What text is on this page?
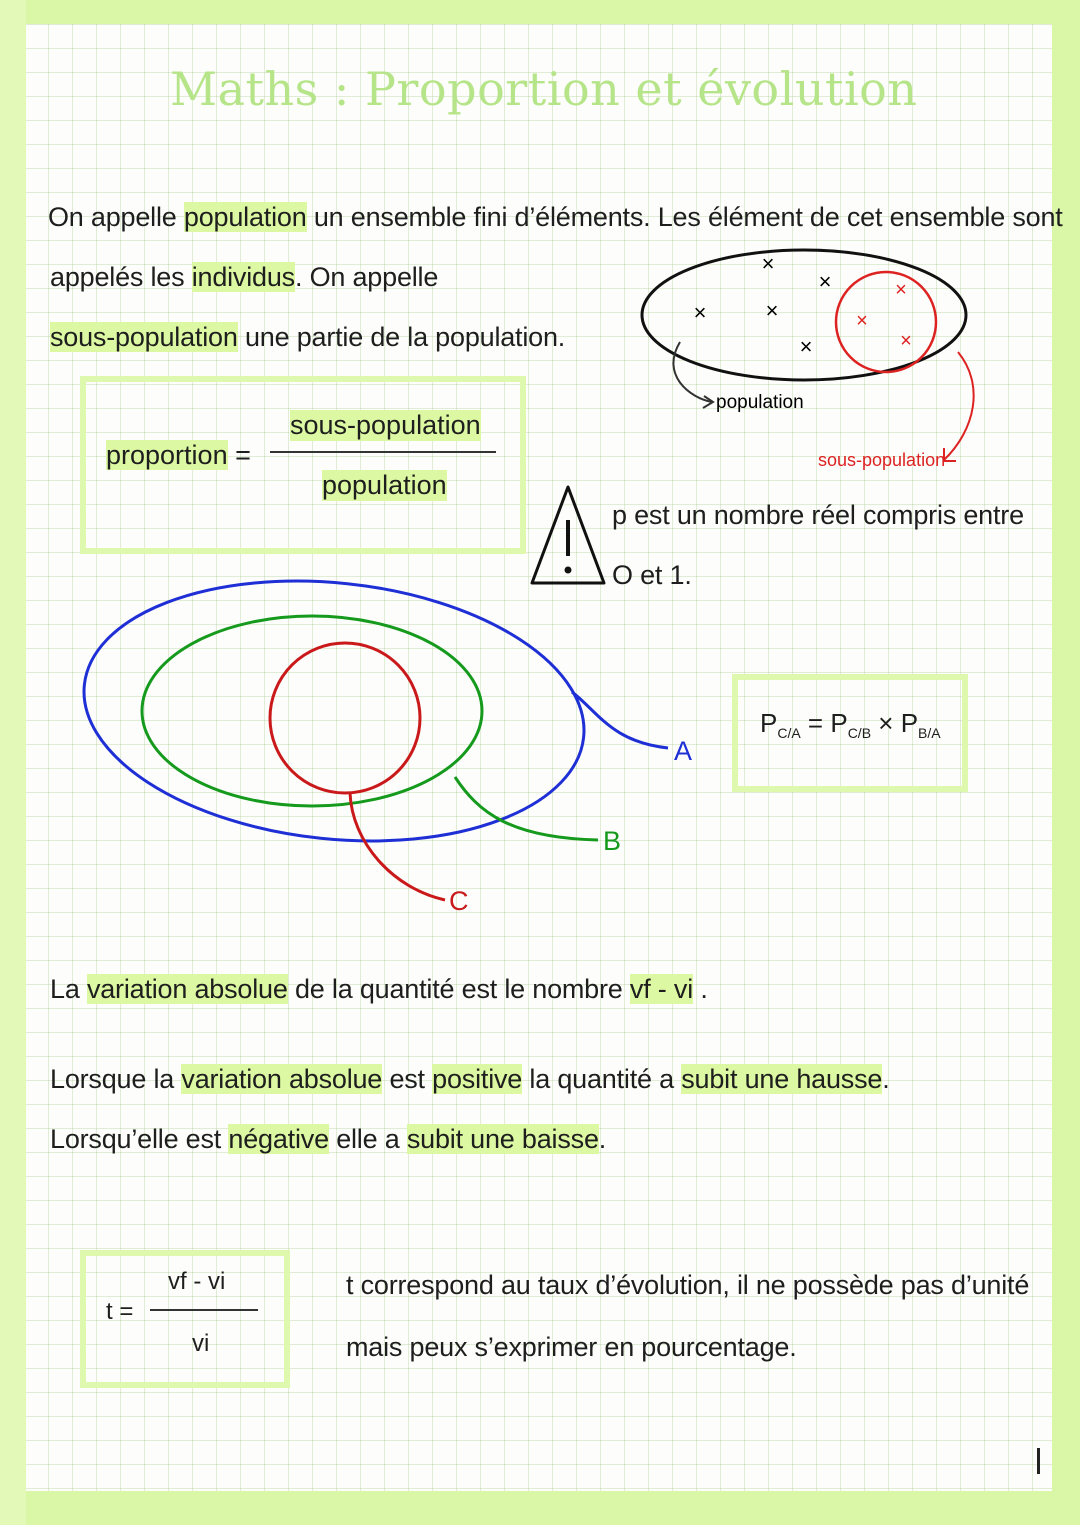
Maths : Proportion et évolution
On appelle population un ensemble fini d’éléments. Les élément de cet ensemble sont
appelés les individus. On appelle
sous-population une partie de la population.
×
×
×	×
×
×
×
×
population
sous-population
proportion =
sous-population
population
p est un nombre réel compris entre
O et 1.
A
B
C
$P_{C/A} = P_{C/B} \times P_{B/A}$
La variation absolue de la quantité est le nombre vf - vi .
Lorsque la variation absolue est positive la quantité a subit une hausse.
Lorsqu’elle est négative elle a subit une baisse.
t =
vf - vi
vi
t correspond au taux d’évolution, il ne possède pas d’unité
mais peux s’exprimer en pourcentage.
